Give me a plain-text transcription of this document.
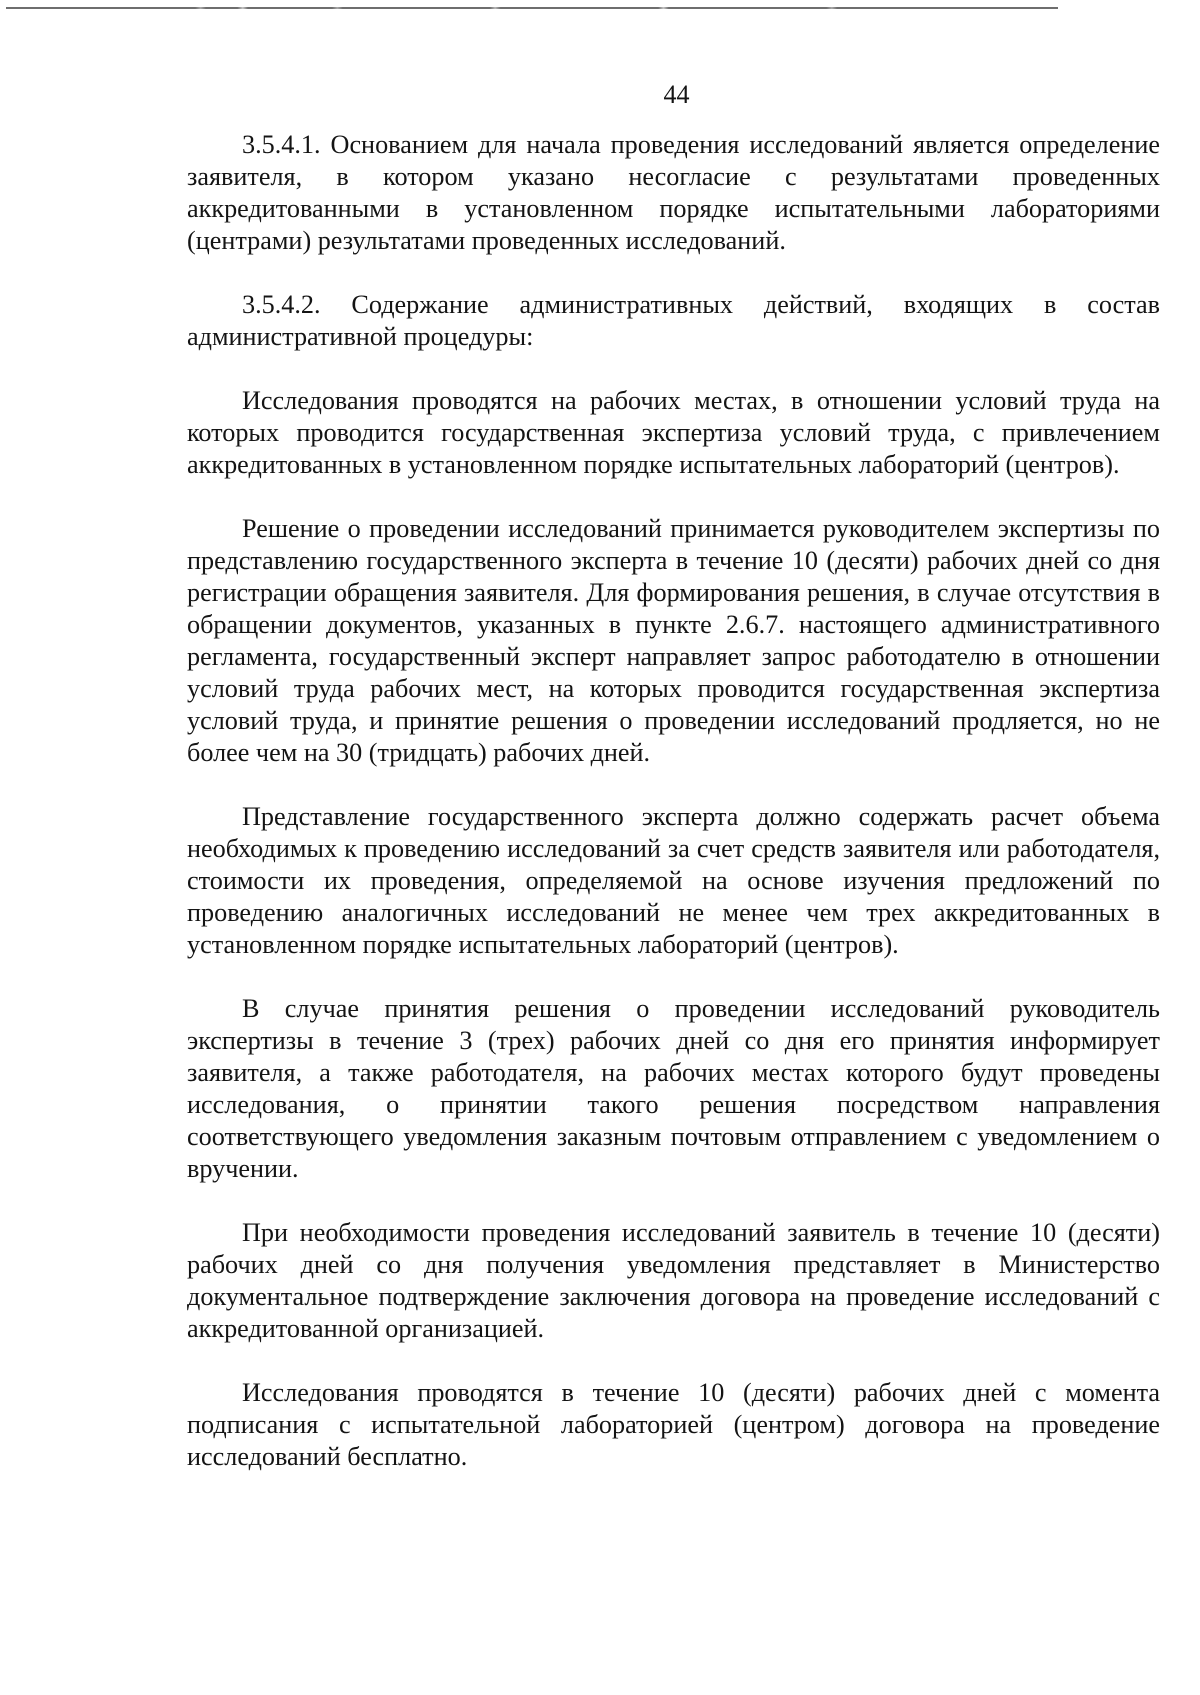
44

3.5.4.1. Основанием для начала проведения исследований является определение заявителя, в котором указано несогласие с результатами проведенных аккредитованными в установленном порядке испытательными лабораториями (центрами) результатами проведенных исследований.

3.5.4.2. Содержание административных действий, входящих в состав административной процедуры:

Исследования проводятся на рабочих местах, в отношении условий труда на которых проводится государственная экспертиза условий труда, с привлечением аккредитованных в установленном порядке испытательных лабораторий (центров).

Решение о проведении исследований принимается руководителем экспертизы по представлению государственного эксперта в течение 10 (десяти) рабочих дней со дня регистрации обращения заявителя. Для формирования решения, в случае отсутствия в обращении документов, указанных в пункте 2.6.7. настоящего административного регламента, государственный эксперт направляет запрос работодателю в отношении условий труда рабочих мест, на которых проводится государственная экспертиза условий труда, и принятие решения о проведении исследований продляется, но не более чем на 30 (тридцать) рабочих дней.

Представление государственного эксперта должно содержать расчет объема необходимых к проведению исследований за счет средств заявителя или работодателя, стоимости их проведения, определяемой на основе изучения предложений по проведению аналогичных исследований не менее чем трех аккредитованных в установленном порядке испытательных лабораторий (центров).

В случае принятия решения о проведении исследований руководитель экспертизы в течение 3 (трех) рабочих дней со дня его принятия информирует заявителя, а также работодателя, на рабочих местах которого будут проведены исследования, о принятии такого решения посредством направления соответствующего уведомления заказным почтовым отправлением с уведомлением о вручении.

При необходимости проведения исследований заявитель в течение 10 (десяти) рабочих дней со дня получения уведомления представляет в Министерство документальное подтверждение заключения договора на проведение исследований с аккредитованной организацией.

Исследования проводятся в течение 10 (десяти) рабочих дней с момента подписания с испытательной лабораторией (центром) договора на проведение исследований бесплатно.
